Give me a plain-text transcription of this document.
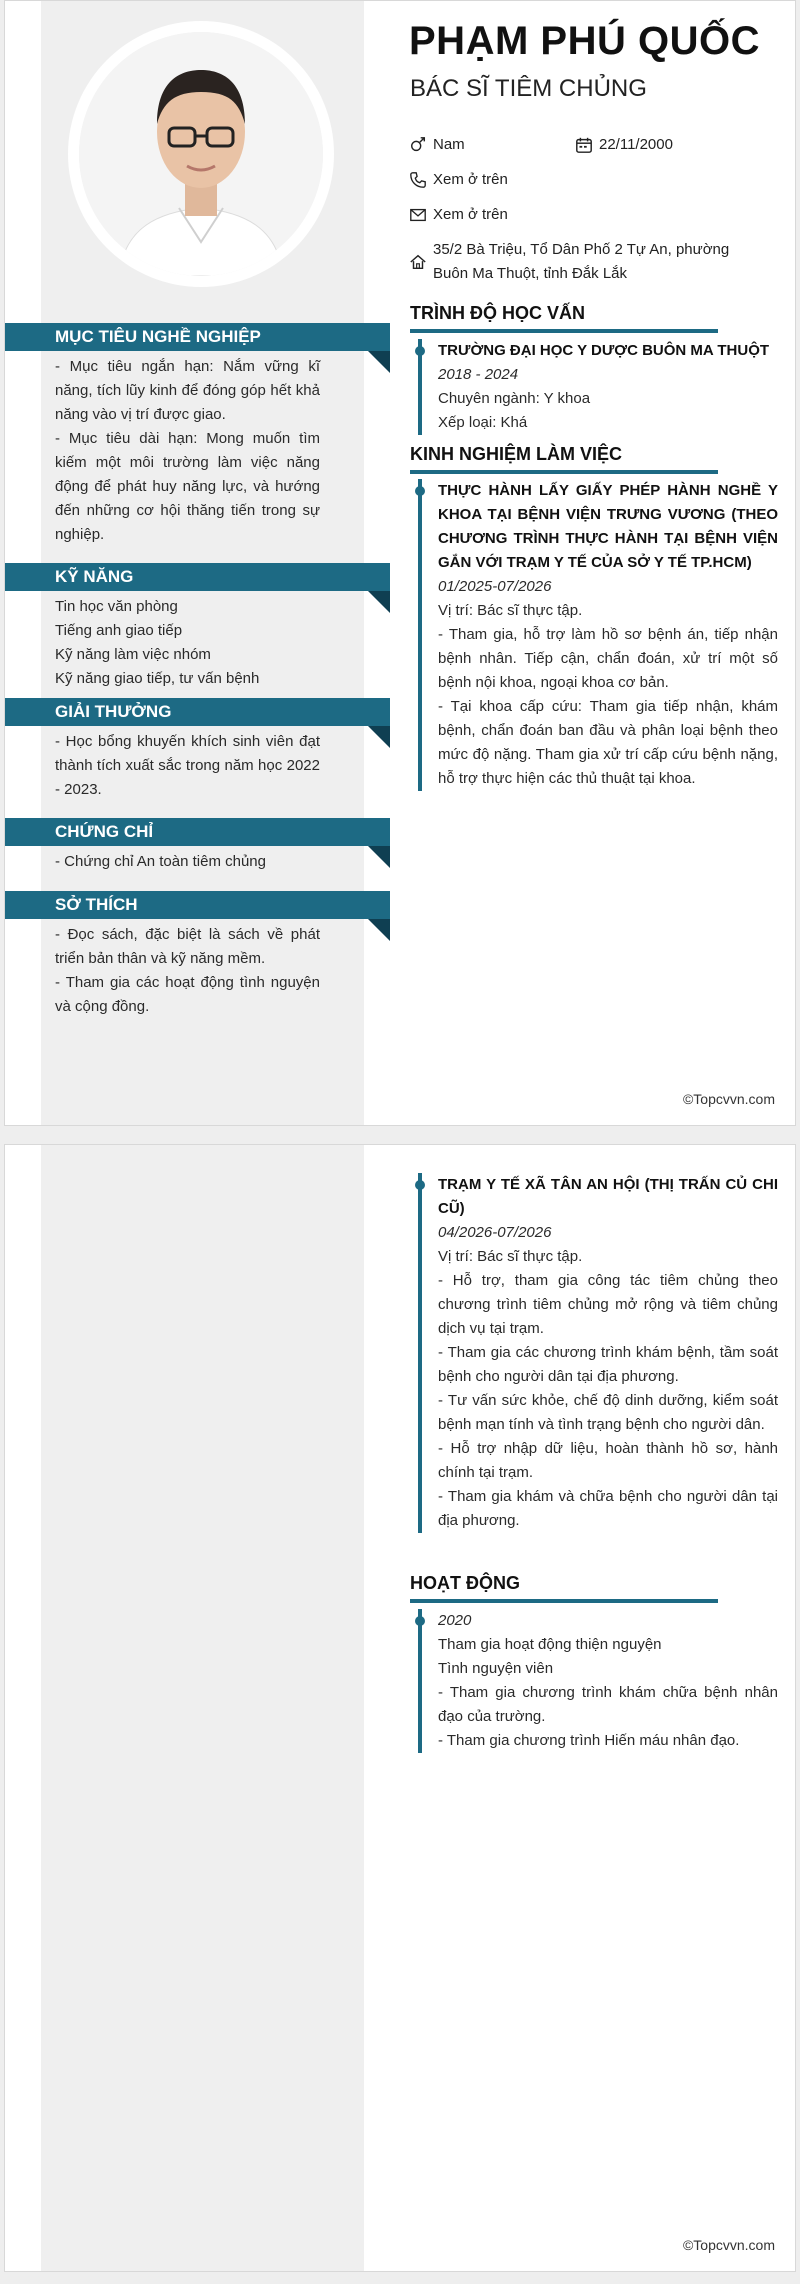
PHẠM PHÚ QUỐC
BÁC SĨ TIÊM CHỦNG
Nam	22/11/2000
Xem ở trên
Xem ở trên
35/2 Bà Triệu, Tổ Dân Phố 2 Tự An, phường
Buôn Ma Thuột, tỉnh Đắk Lắk
MỤC TIÊU NGHỀ NGHIỆP

- Mục tiêu ngắn hạn: Nắm vững kĩ năng, tích lũy kinh để đóng góp hết khả năng vào vị trí được giao.

- Mục tiêu dài hạn: Mong muốn tìm kiếm một môi trường làm việc năng động để phát huy năng lực, và hướng đến những cơ hội thăng tiến trong sự nghiệp.

KỸ NĂNG
Tin học văn phòng
Tiếng anh giao tiếp
Kỹ năng làm việc nhóm
Kỹ năng giao tiếp, tư vấn bệnh
GIẢI THƯỞNG

- Học bổng khuyến khích sinh viên đạt thành tích xuất sắc trong năm học 2022 - 2023.

CHỨNG CHỈ

- Chứng chỉ An toàn tiêm chủng

SỞ THÍCH

- Đọc sách, đặc biệt là sách về phát triển bản thân và kỹ năng mềm.

- Tham gia các hoạt động tình nguyện và cộng đồng.

TRÌNH ĐỘ HỌC VẤN
TRƯỜNG ĐẠI HỌC Y DƯỢC BUÔN MA THUỘT
2018 - 2024
Chuyên ngành: Y khoa
Xếp loại: Khá
KINH NGHIỆM LÀM VIỆC

THỰC HÀNH LẤY GIẤY PHÉP HÀNH NGHỀ Y KHOA TẠI BỆNH VIỆN TRƯNG VƯƠNG (THEO CHƯƠNG TRÌNH THỰC HÀNH TẠI BỆNH VIỆN GẮN VỚI TRẠM Y TẾ CỦA SỞ Y TẾ TP.HCM)

01/2025-07/2026

Vị trí: Bác sĩ thực tập.

- Tham gia, hỗ trợ làm hồ sơ bệnh án, tiếp nhận bệnh nhân. Tiếp cận, chẩn đoán, xử trí một số bệnh nội khoa, ngoại khoa cơ bản.

- Tại khoa cấp cứu: Tham gia tiếp nhận, khám bệnh, chẩn đoán ban đầu và phân loại bệnh theo mức độ nặng. Tham gia xử trí cấp cứu bệnh nặng, hỗ trợ thực hiện các thủ thuật tại khoa.

©Topcvvn.com

TRẠM Y TẾ XÃ TÂN AN HỘI (THỊ TRẤN CỦ CHI CŨ)

04/2026-07/2026

Vị trí: Bác sĩ thực tập.

- Hỗ trợ, tham gia công tác tiêm chủng theo chương trình tiêm chủng mở rộng và tiêm chủng dịch vụ tại trạm.

- Tham gia các chương trình khám bệnh, tầm soát bệnh cho người dân tại địa phương.

- Tư vấn sức khỏe, chế độ dinh dưỡng, kiểm soát bệnh mạn tính và tình trạng bệnh cho người dân.

- Hỗ trợ nhập dữ liệu, hoàn thành hồ sơ, hành chính tại trạm.

- Tham gia khám và chữa bệnh cho người dân tại địa phương.

HOẠT ĐỘNG
2020

Tham gia hoạt động thiện nguyện

Tình nguyện viên

- Tham gia chương trình khám chữa bệnh nhân đạo của trường.

- Tham gia chương trình Hiến máu nhân đạo.

©Topcvvn.com
